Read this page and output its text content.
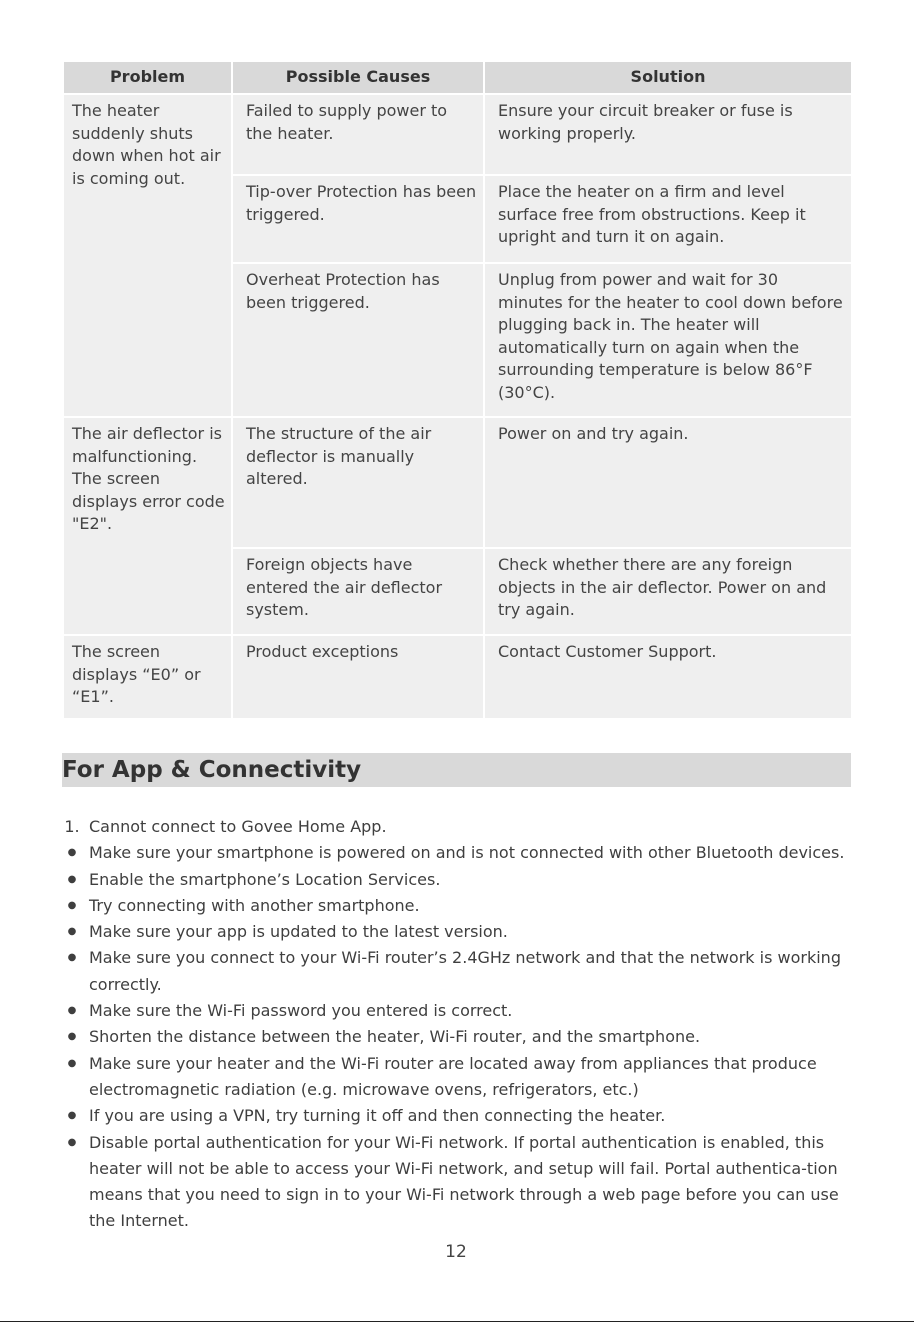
Problem	Possible Causes	Solution
The heater suddenly shuts down when hot air is coming out.	Failed to supply power to the heater.	Ensure your circuit breaker or fuse is working properly.
	Tip-over Protection has been triggered.	Place the heater on a firm and level surface free from obstructions. Keep it upright and turn it on again.
	Overheat Protection has been triggered.	Unplug from power and wait for 30 minutes for the heater to cool down before plugging back in. The heater will automatically turn on again when the surrounding temperature is below 86°F (30°C).
The air deflector is malfunctioning. The screen displays error code "E2".	The structure of the air deflector is manually altered.	Power on and try again.
	Foreign objects have entered the air deflector system.	Check whether there are any foreign objects in the air deflector. Power on and try again.
The screen displays “E0” or “E1”.	Product exceptions	Contact Customer Support.
For App & Connectivity
1. Cannot connect to Govee Home App.
● Make sure your smartphone is powered on and is not connected with other Bluetooth devices.
● Enable the smartphone’s Location Services.
● Try connecting with another smartphone.
● Make sure your app is updated to the latest version.
● Make sure you connect to your Wi-Fi router’s 2.4GHz network and that the network is working correctly.
● Make sure the Wi-Fi password you entered is correct.
● Shorten the distance between the heater, Wi-Fi router, and the smartphone.
● Make sure your heater and the Wi-Fi router are located away from appliances that produce electromagnetic radiation (e.g. microwave ovens, refrigerators, etc.)
● If you are using a VPN, try turning it off and then connecting the heater.
● Disable portal authentication for your Wi-Fi network. If portal authentication is enabled, this heater will not be able to access your Wi-Fi network, and setup will fail. Portal authentica-tion means that you need to sign in to your Wi-Fi network through a web page before you can use the Internet.
12
